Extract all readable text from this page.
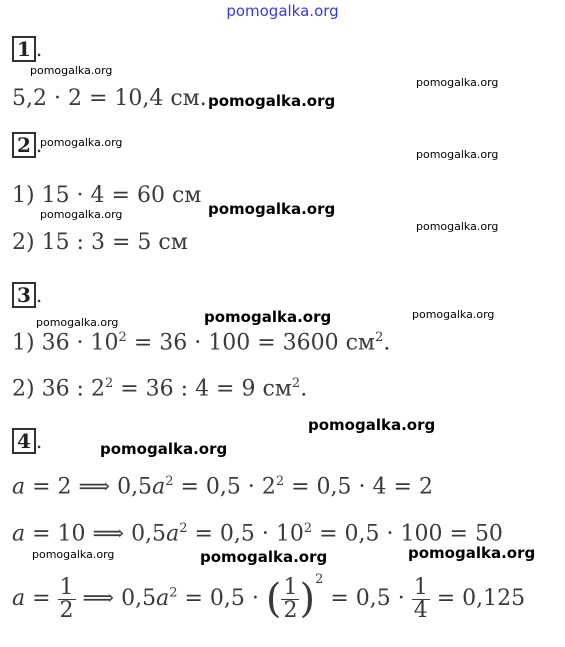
pomogalka.org
1 .
5,2 · 2 = 10,4 см.
2 .
1) 15 · 4 = 60 см
2) 15 : 3 = 5 см
3 .
1) $36 \cdot 10^2 = 36 \cdot 100 = 3600$ $см^2$.
2) 36 : $2^2 = 36$ : 4 = 9 $см^2$.
4 .
a = 2 ⟹ $0,5a^2 = 0,5 \cdot 2^2 = 0,5 \cdot 4 = 2$
a = 10 ⟹ $0,5a^2 = 0,5 \cdot 10^2 = 0,5 \cdot 100 = 50$
$a = \frac{1}{2}$ ⟹ $0,5a^2 = 0,5$ · ( $\frac{1}{2} )^2 = 0,5 \cdot \frac{1}{4} = 0,125$
pomogalka.org
pomogalka.org
pomogalka.org
pomogalka.org
pomogalka.org
pomogalka.org	pomogalka.org
pomogalka.org
pomogalka.org	pomogalka.org	pomogalka.org
pomogalka.org
pomogalka.org
pomogalka.org	pomogalka.org	pomogalka.org
